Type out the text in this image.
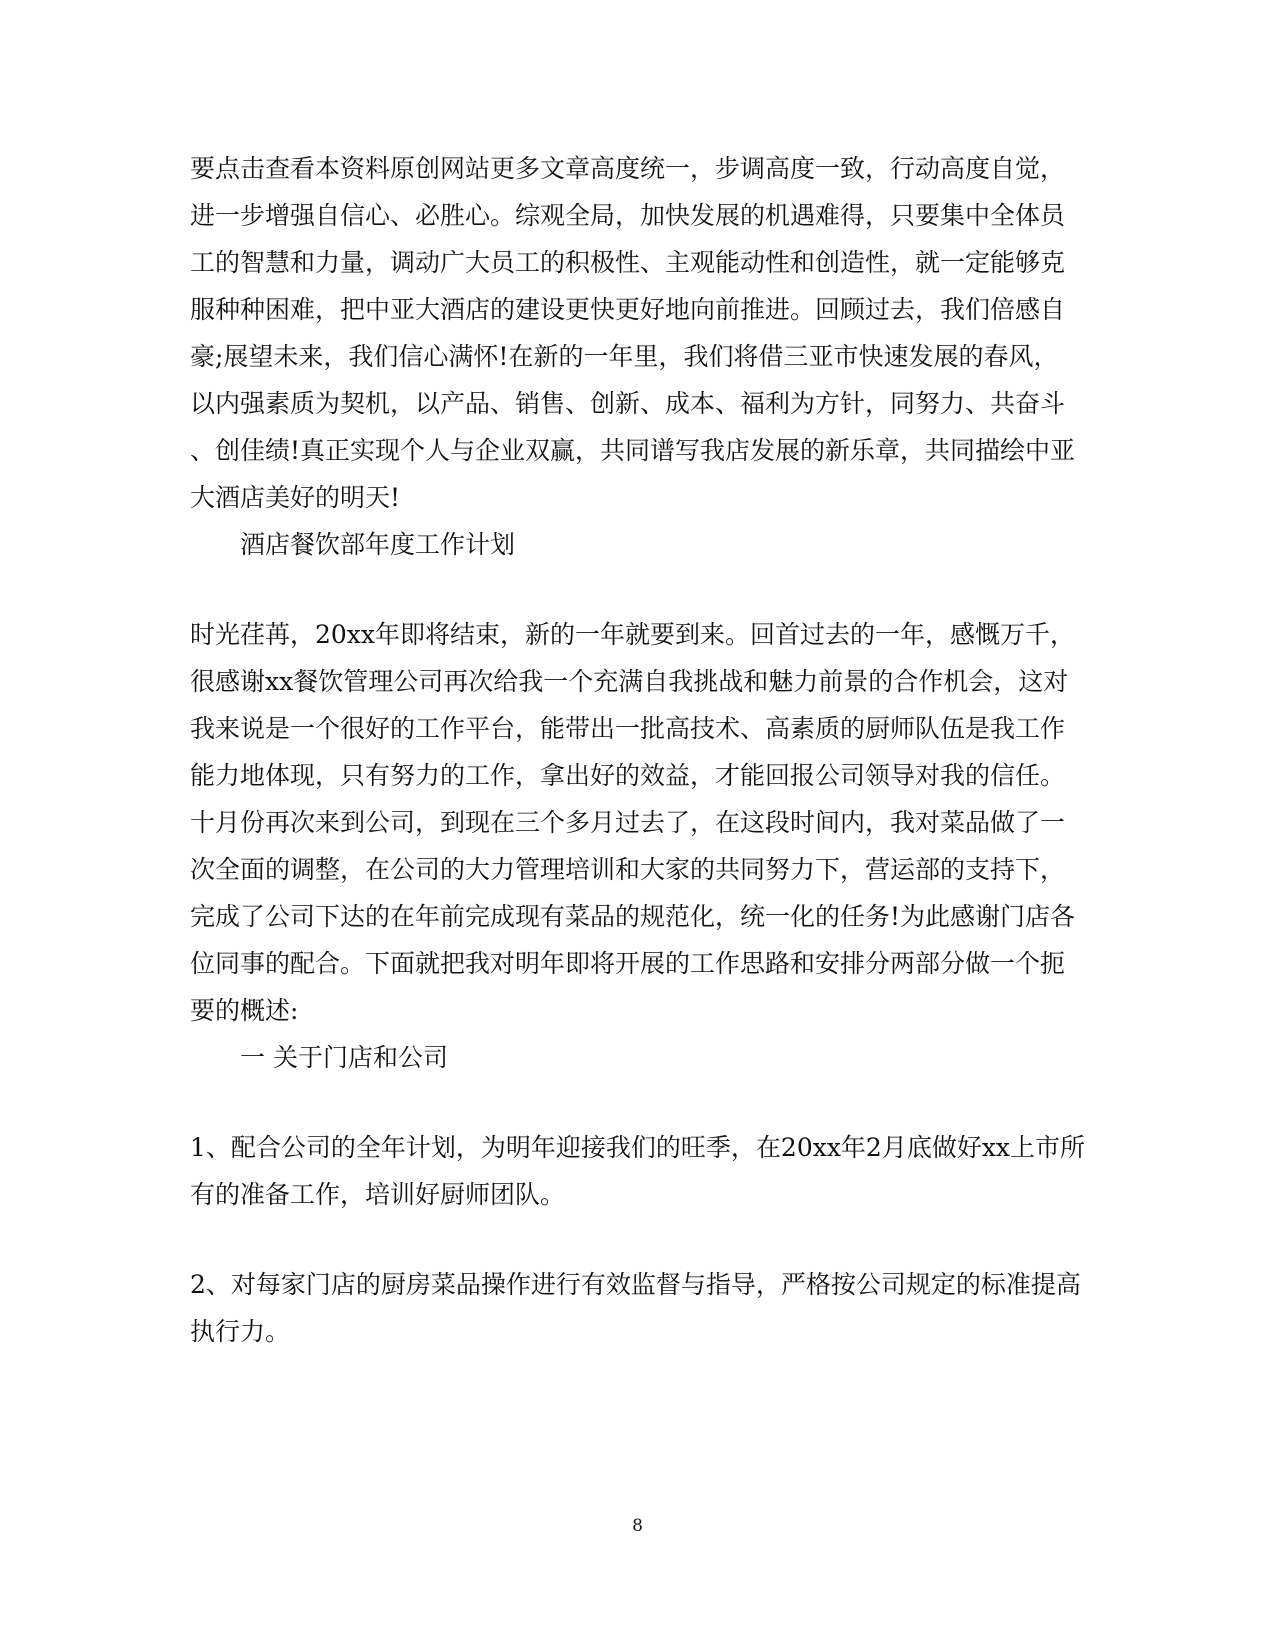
要点击查看本资料原创网站更多文章高度统一，步调高度一致，行动高度自觉，

进一步增强自信心、必胜心。综观全局，加快发展的机遇难得，只要集中全体员

工的智慧和力量，调动广大员工的积极性、主观能动性和创造性，就一定能够克

服种种困难，把中亚大酒店的建设更快更好地向前推进。回顾过去，我们倍感自

豪;展望未来，我们信心满怀!在新的一年里，我们将借三亚市快速发展的春风，

以内强素质为契机，以产品、销售、创新、成本、福利为方针，同努力、共奋斗

、创佳绩!真正实现个人与企业双赢，共同谱写我店发展的新乐章，共同描绘中亚

大酒店美好的明天!

酒店餐饮部年度工作计划

时光荏苒，20xx年即将结束，新的一年就要到来。回首过去的一年，感慨万千，

很感谢xx餐饮管理公司再次给我一个充满自我挑战和魅力前景的合作机会，这对

我来说是一个很好的工作平台，能带出一批高技术、高素质的厨师队伍是我工作

能力地体现，只有努力的工作，拿出好的效益，才能回报公司领导对我的信任。

十月份再次来到公司，到现在三个多月过去了，在这段时间内，我对菜品做了一

次全面的调整，在公司的大力管理培训和大家的共同努力下，营运部的支持下，

完成了公司下达的在年前完成现有菜品的规范化，统一化的任务!为此感谢门店各

位同事的配合。下面就把我对明年即将开展的工作思路和安排分两部分做一个扼

要的概述:

一 关于门店和公司

1、配合公司的全年计划，为明年迎接我们的旺季，在20xx年2月底做好xx上市所

有的准备工作，培训好厨师团队。

2、对每家门店的厨房菜品操作进行有效监督与指导，严格按公司规定的标准提高

执行力。

8
